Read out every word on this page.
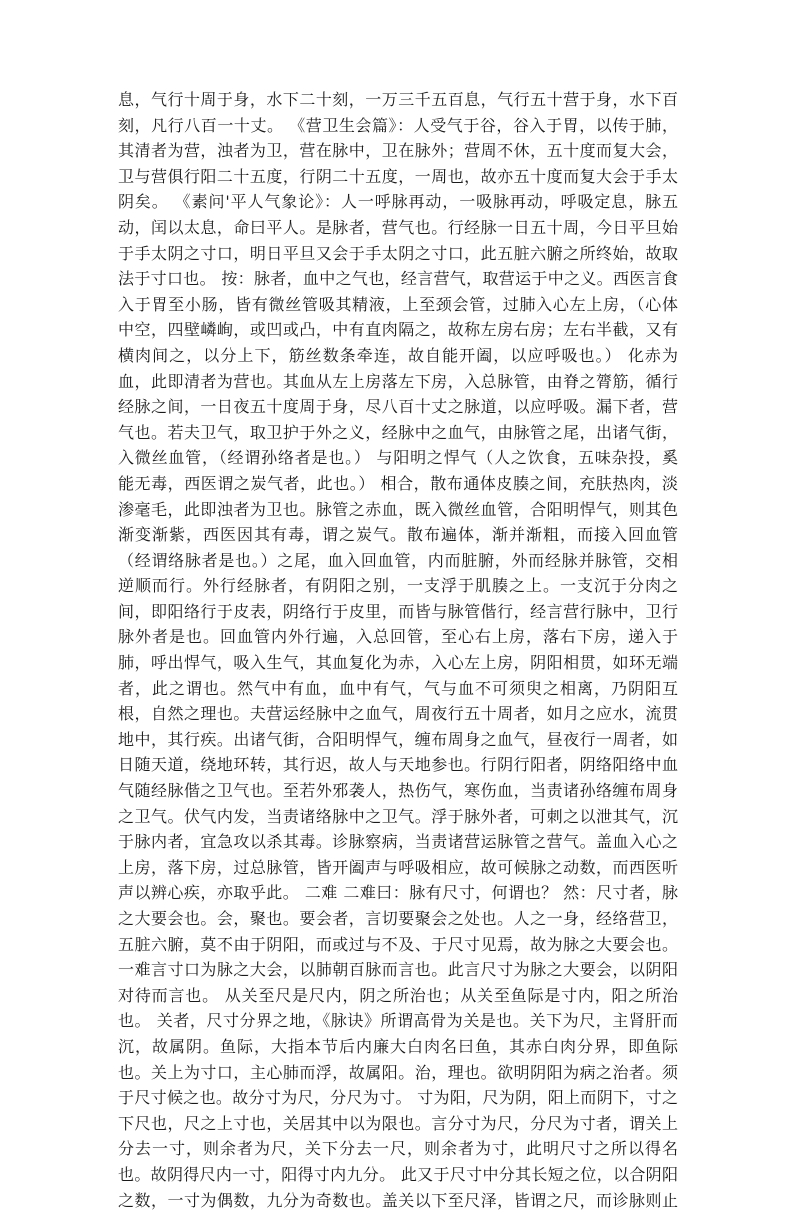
息，气行十周于身，水下二十刻，一万三千五百息，气行五十营于身，水下百
刻，凡行八百一十丈。 《营卫生会篇》：人受气于谷，谷入于胃，以传于肺，
其清者为营，浊者为卫，营在脉中，卫在脉外；营周不休，五十度而复大会，
卫与营俱行阳二十五度，行阴二十五度，一周也，故亦五十度而复大会于手太
阴矣。 《素问'平人气象论》：人一呼脉再动，一吸脉再动，呼吸定息，脉五
动，闰以太息，命曰平人。是脉者，营气也。行经脉一日五十周，今日平旦始
于手太阴之寸口，明日平旦又会于手太阴之寸口，此五脏六腑之所终始，故取
法于寸口也。 按：脉者，血中之气也，经言营气，取营运于中之义。西医言食
入于胃至小肠，皆有微丝管吸其精液，上至颈会管，过肺入心左上房，（心体
中空，四壁嶙峋，或凹或凸，中有直肉隔之，故称左房右房；左右半截，又有
横肉间之，以分上下，筋丝数条牵连，故自能开阖，以应呼吸也。） 化赤为
血，此即清者为营也。其血从左上房落左下房，入总脉管，由脊之膂筋，循行
经脉之间，一日夜五十度周于身，尽八百十丈之脉道，以应呼吸。漏下者，营
气也。若夫卫气，取卫护于外之义，经脉中之血气，由脉管之尾，出诸气街，
入微丝血管，（经谓孙络者是也。） 与阳明之悍气（人之饮食，五味杂投，奚
能无毒，西医谓之炭气者，此也。） 相合，散布通体皮腠之间，充肤热肉，淡
渗毫毛，此即浊者为卫也。脉管之赤血，既入微丝血管，合阳明悍气，则其色
渐变渐紫，西医因其有毒，谓之炭气。散布遍体，渐并渐粗，而接入回血管
（经谓络脉者是也。）之尾，血入回血管，内而脏腑，外而经脉并脉管，交相
逆顺而行。外行经脉者，有阴阳之别，一支浮于肌腠之上。一支沉于分肉之
间，即阳络行于皮表，阴络行于皮里，而皆与脉管偕行，经言营行脉中，卫行
脉外者是也。回血管内外行遍，入总回管，至心右上房，落右下房，递入于
肺，呼出悍气，吸入生气，其血复化为赤，入心左上房，阴阳相贯，如环无端
者，此之谓也。然气中有血，血中有气，气与血不可须臾之相离，乃阴阳互
根，自然之理也。夫营运经脉中之血气，周夜行五十周者，如月之应水，流贯
地中，其行疾。出诸气街，合阳明悍气，缠布周身之血气，昼夜行一周者，如
日随天道，绕地环转，其行迟，故人与天地参也。行阴行阳者，阴络阳络中血
气随经脉偕之卫气也。至若外邪袭人，热伤气，寒伤血，当责诸孙络缠布周身
之卫气。伏气内发，当责诸络脉中之卫气。浮于脉外者，可刺之以泄其气，沉
于脉内者，宜急攻以杀其毒。诊脉察病，当责诸营运脉管之营气。盖血入心之
上房，落下房，过总脉管，皆开阖声与呼吸相应，故可候脉之动数，而西医听
声以辨心疾，亦取乎此。 二难 二难曰：脉有尺寸，何谓也？ 然：尺寸者，脉
之大要会也。会，聚也。要会者，言切要聚会之处也。人之一身，经络营卫，
五脏六腑，莫不由于阴阳，而或过与不及、于尺寸见焉，故为脉之大要会也。
一难言寸口为脉之大会，以肺朝百脉而言也。此言尺寸为脉之大要会，以阴阳
对待而言也。 从关至尺是尺内，阴之所治也；从关至鱼际是寸内，阳之所治
也。 关者，尺寸分界之地，《脉诀》所谓高骨为关是也。关下为尺，主肾肝而
沉，故属阴。鱼际，大指本节后内廉大白肉名曰鱼，其赤白肉分界，即鱼际
也。关上为寸口，主心肺而浮，故属阳。治，理也。欲明阴阳为病之治者。须
于尺寸候之也。故分寸为尺，分尺为寸。 寸为阳，尺为阴，阳上而阴下，寸之
下尺也，尺之上寸也，关居其中以为限也。言分寸为尺，分尺为寸者，谓关上
分去一寸，则余者为尺，关下分去一尺，则余者为寸，此明尺寸之所以得名
也。故阴得尺内一寸，阳得寸内九分。 此又于尺寸中分其长短之位，以合阴阳
之数，一寸为偶数，九分为奇数也。盖关以下至尺泽，皆谓之尺，而诊脉则止
